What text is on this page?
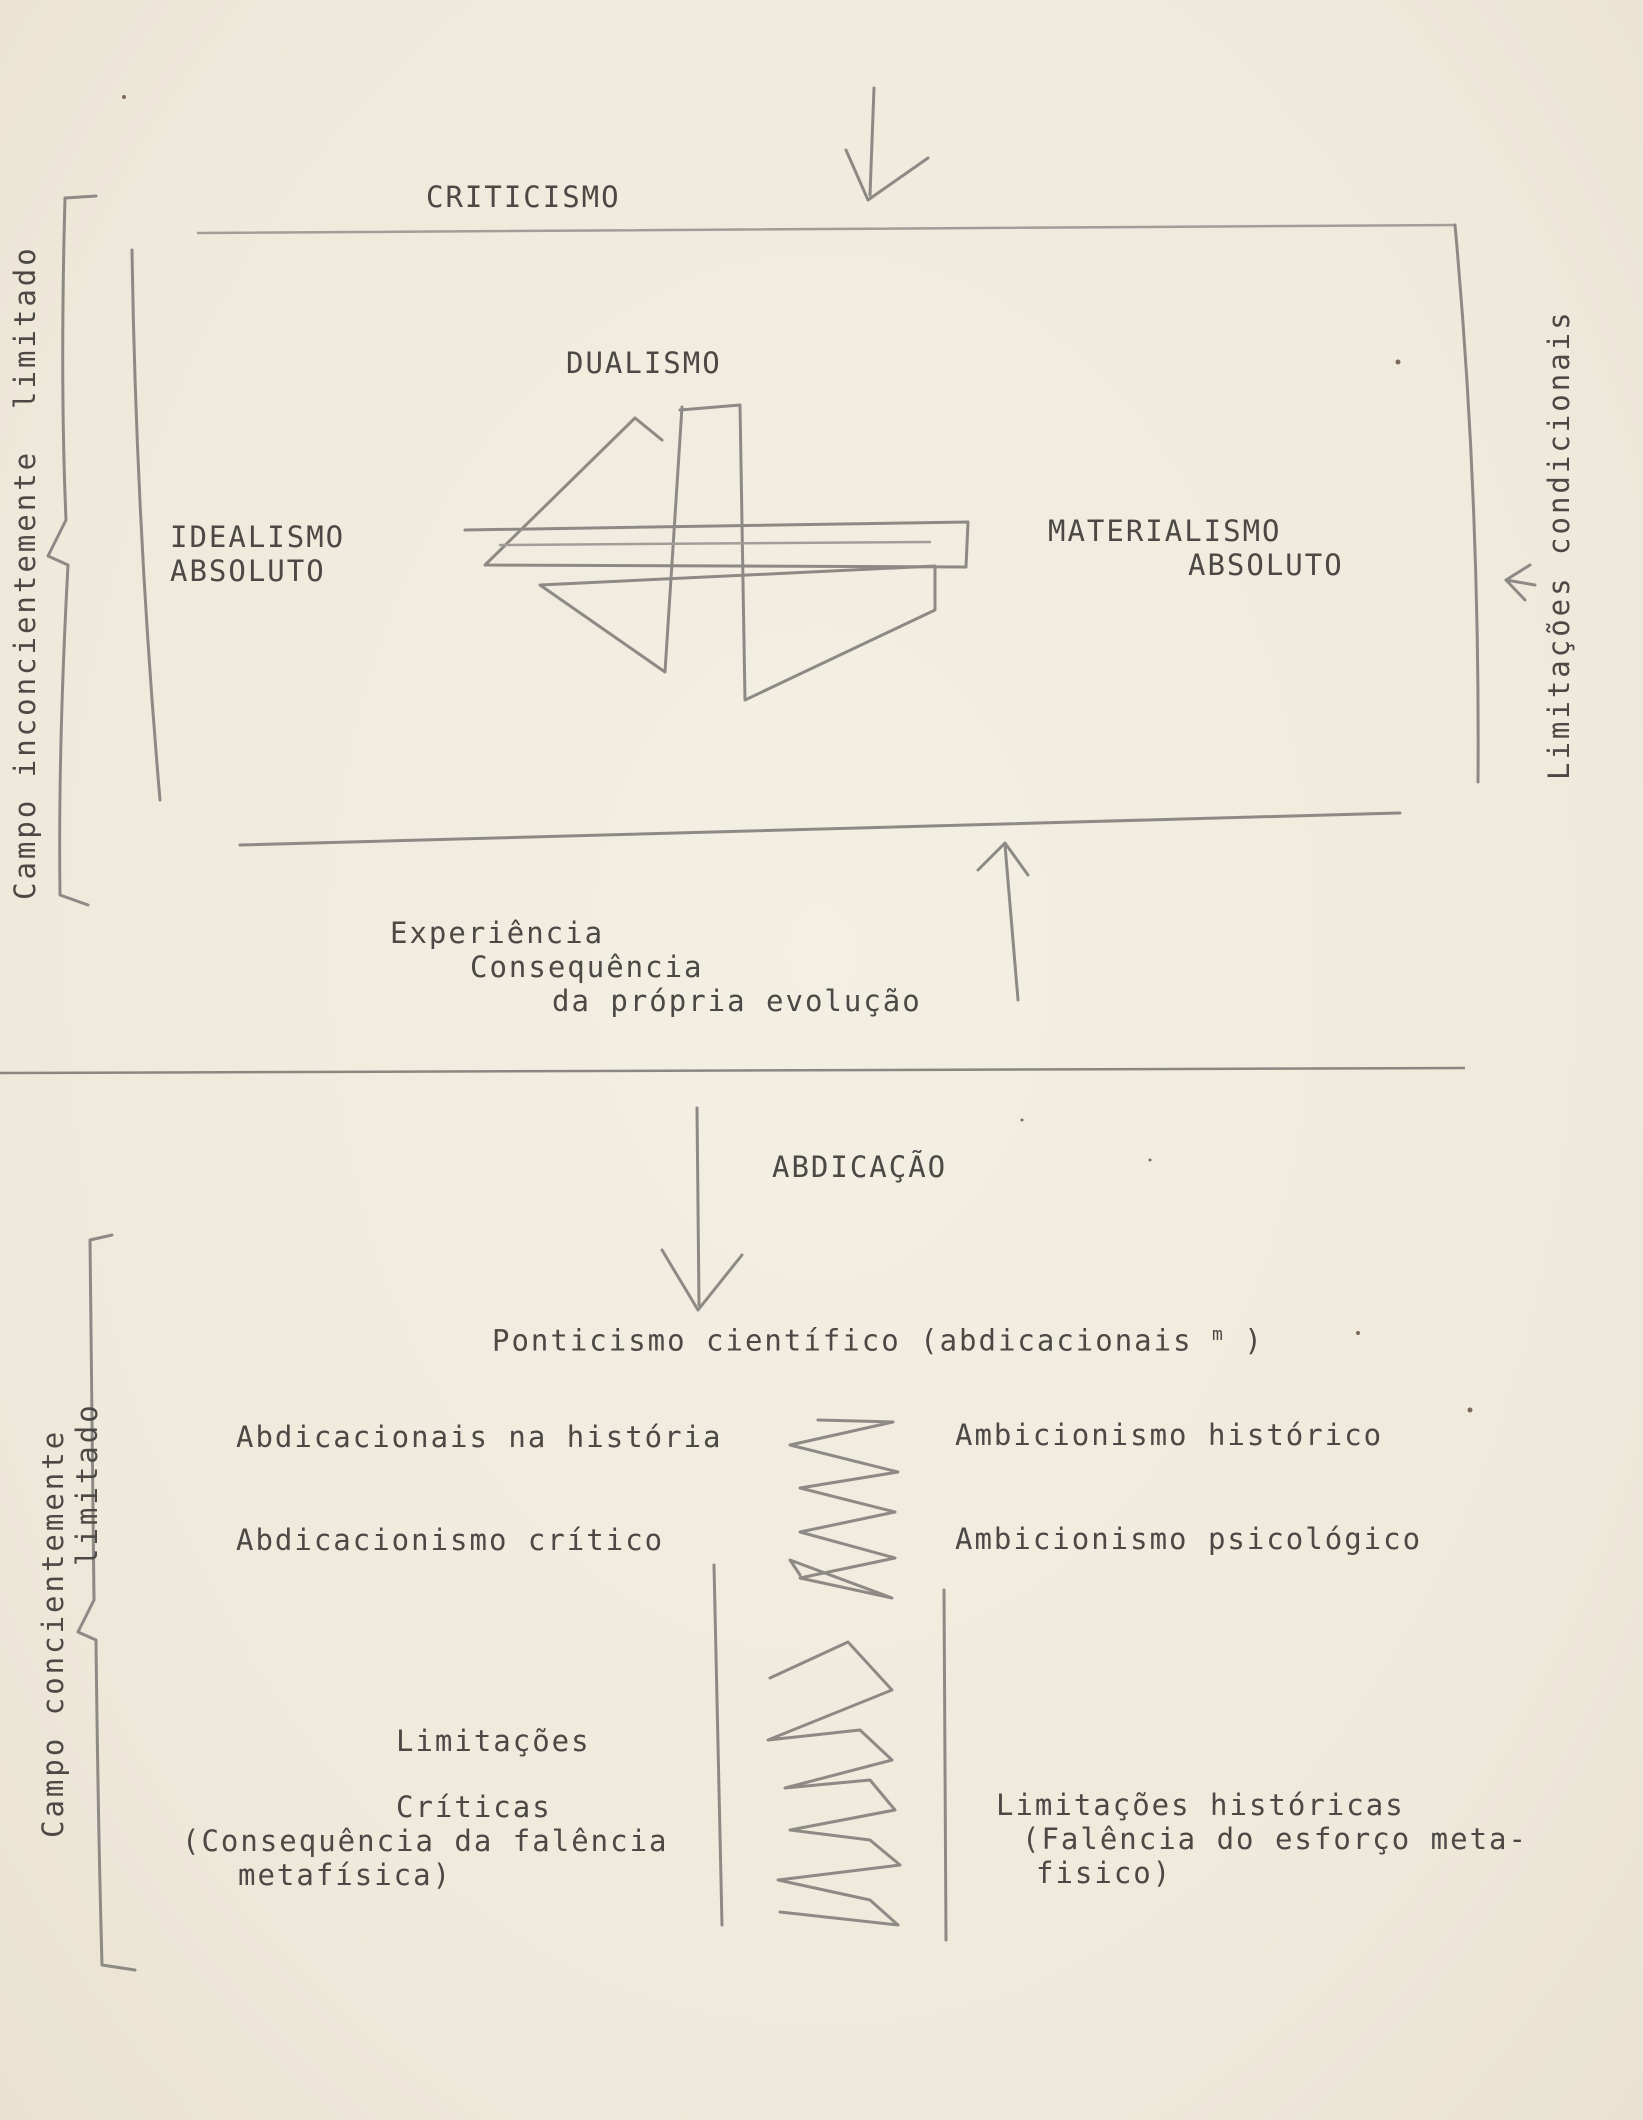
CRITICISMO
DUALISMO
IDEALISMO
ABSOLUTO
MATERIALISMO
ABSOLUTO
Experiência
Consequência
da própria evolução
Campo inconcientemente  limitado	Limitações condicionais
ABDICAÇÃO
Ponticismo científico (abdicacionais $^m$ )
Abdicacionais na história
Abdicacionismo crítico
Ambicionismo histórico
Ambicionismo psicológico
Limitações
Críticas
(Consequência da falência
metafísica)
Limitações históricas
(Falência do esforço meta-
fisico)
Campo concientemente limitado
